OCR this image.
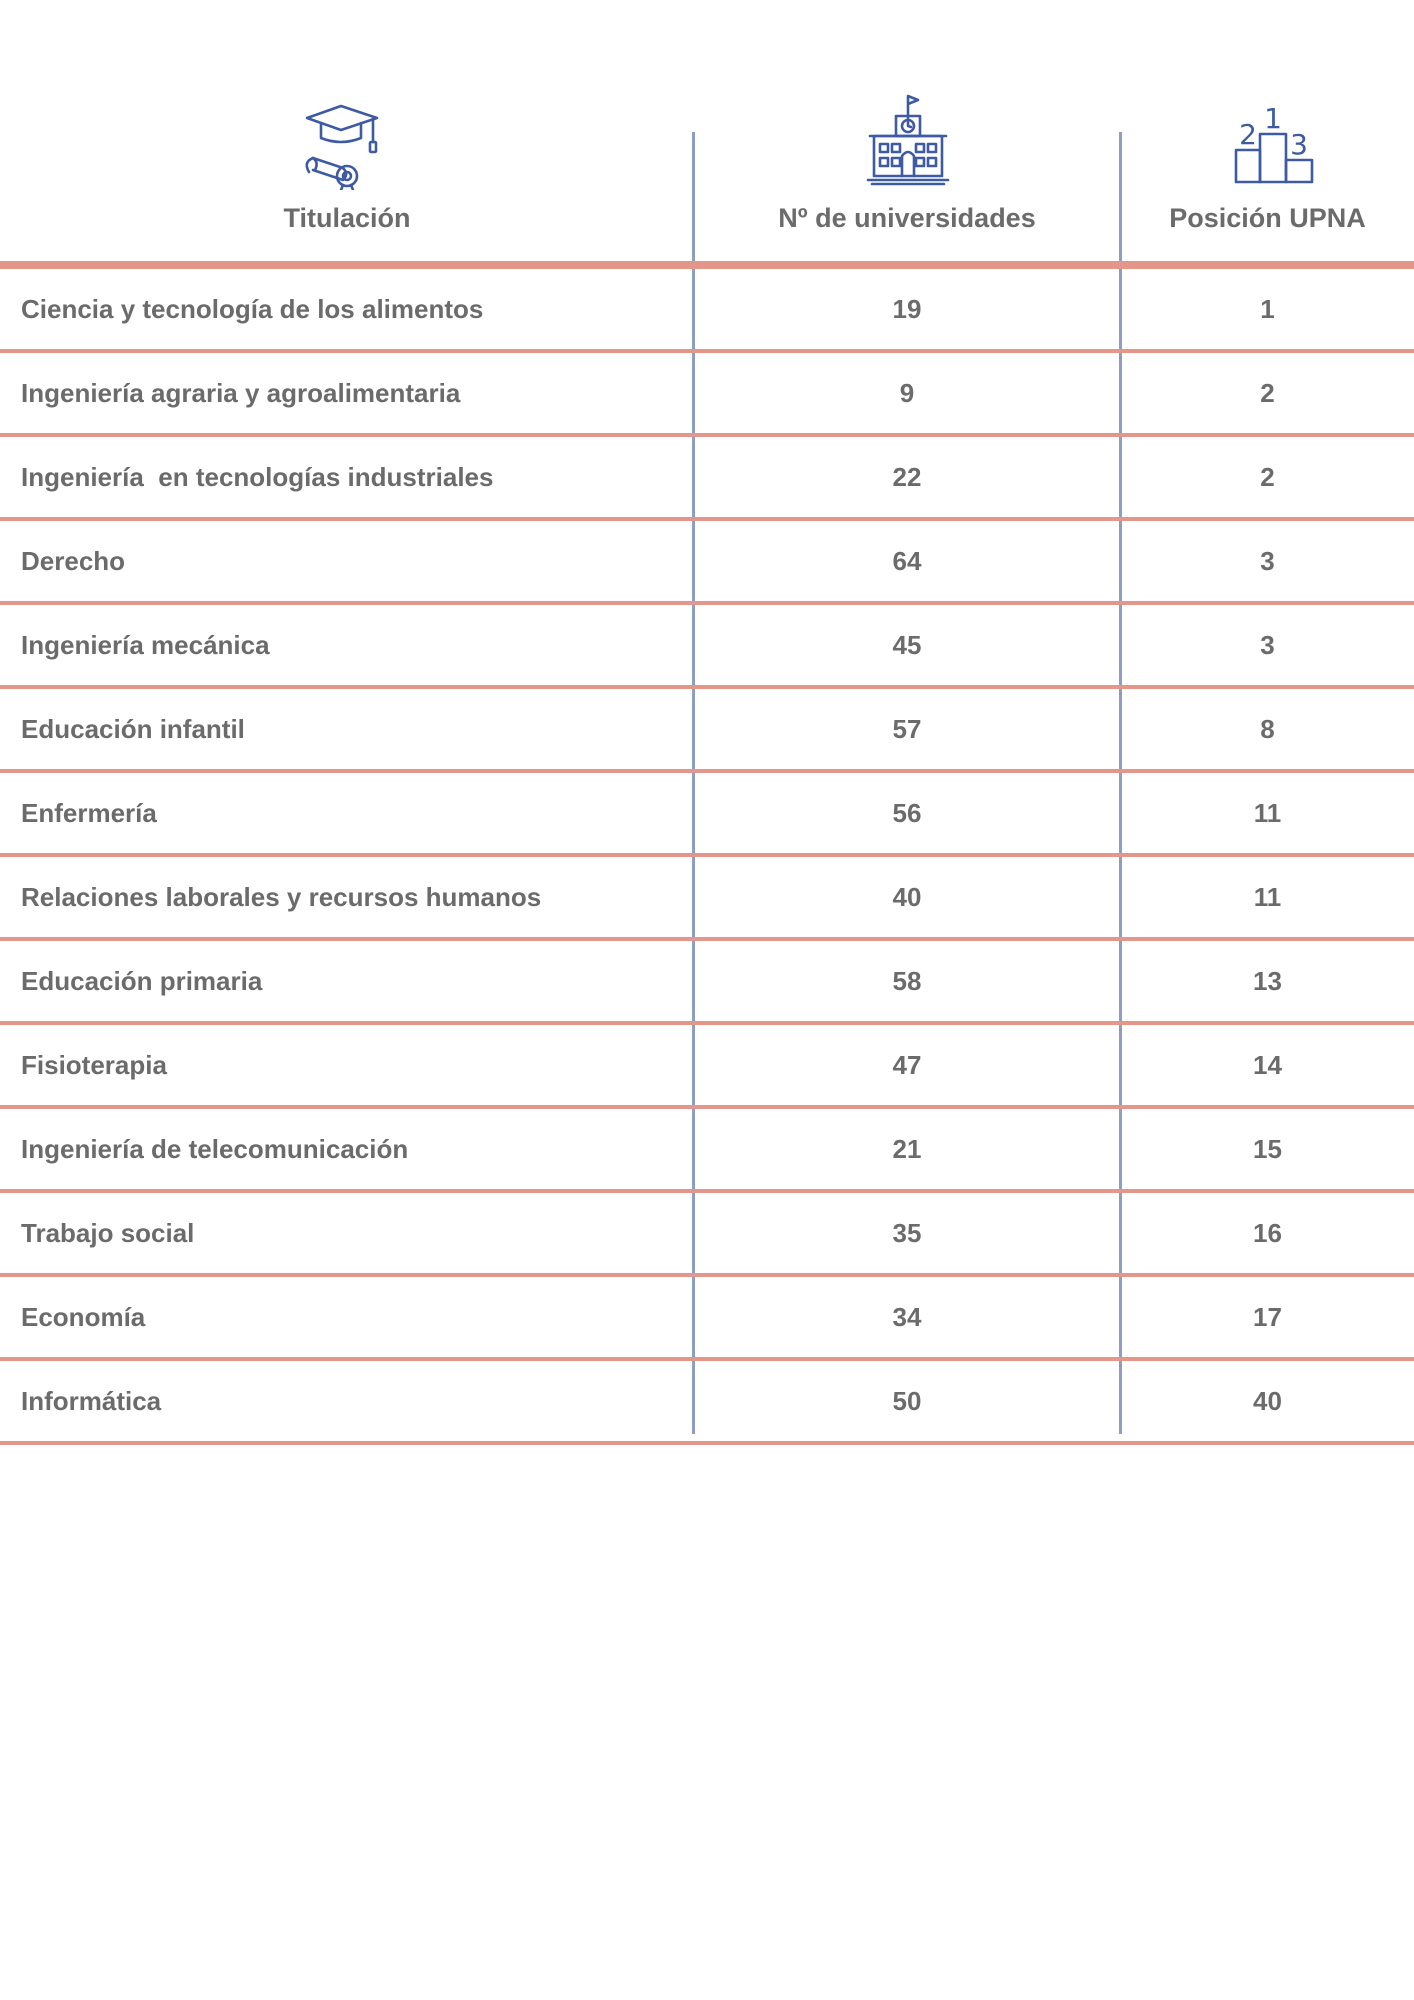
2 1
3
Titulación	Nº de universidades	Posición UPNA
Ciencia y tecnología de los alimentos	19	1
Ingeniería agraria y agroalimentaria	9	2
Ingeniería  en tecnologías industriales	22	2
Derecho	64	3
Ingeniería mecánica	45	3
Educación infantil	57	8
Enfermería	56	11
Relaciones laborales y recursos humanos	40	11
Educación primaria	58	13
Fisioterapia	47	14
Ingeniería de telecomunicación	21	15
Trabajo social	35	16
Economía	34	17
Informática	50	40
